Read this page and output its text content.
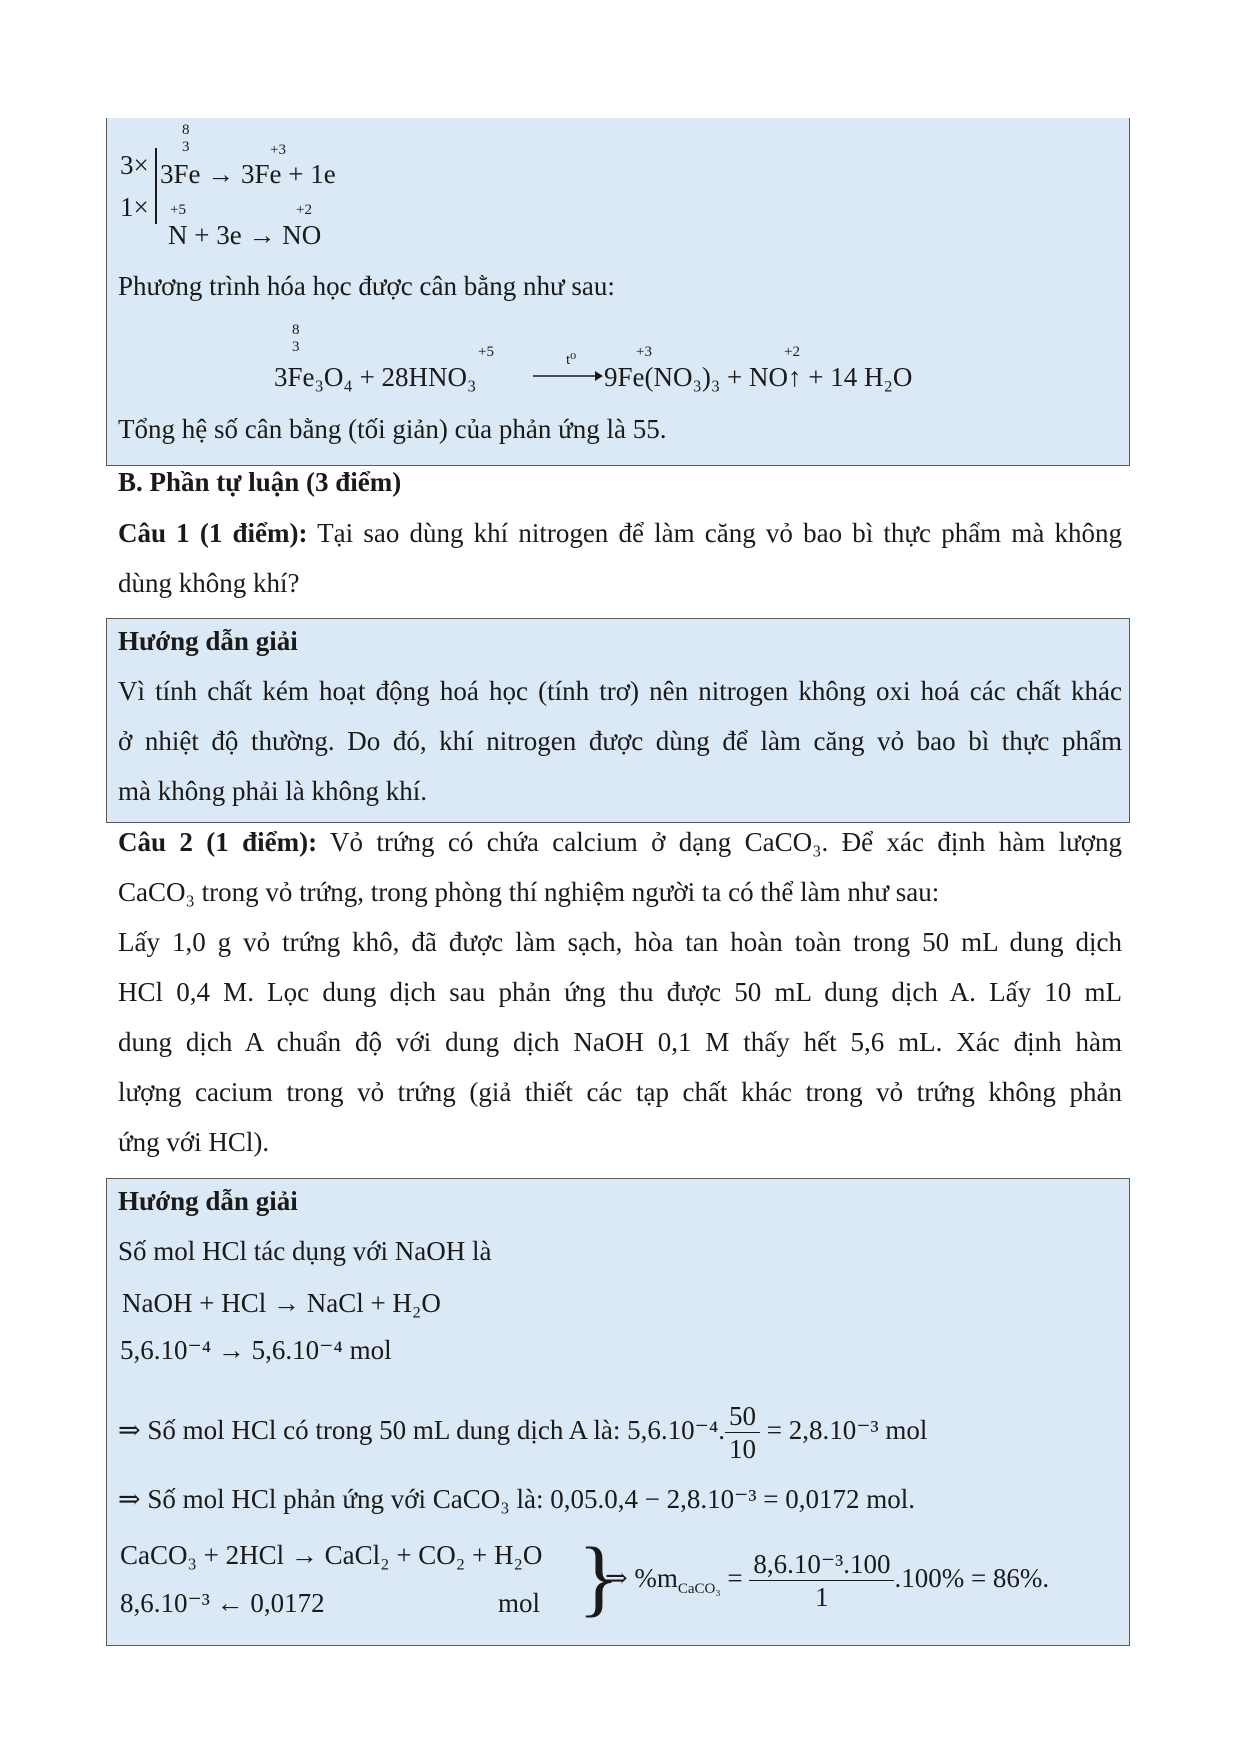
3×
1×
8
3	+3
3Fe → 3Fe + 1e
+5	+2
N + 3e → NO
Phương trình hóa học được cân bằng như sau:
8
3	+5	t⁰	+3	+2
3Fe₃O₄ + 28HNO₃	9Fe(NO₃)₃ + NO↑ + 14 H₂O
Tổng hệ số cân bằng (tối giản) của phản ứng là 55.
B. Phần tự luận (3 điểm)
Câu 1 (1 điểm): Tại sao dùng khí nitrogen để làm căng vỏ bao bì thực phẩm mà không
dùng không khí?
Hướng dẫn giải
Vì tính chất kém hoạt động hoá học (tính trơ) nên nitrogen không oxi hoá các chất khác
ở nhiệt độ thường. Do đó, khí nitrogen được dùng để làm căng vỏ bao bì thực phẩm
mà không phải là không khí.
Câu 2 (1 điểm): Vỏ trứng có chứa calcium ở dạng CaCO₃. Để xác định hàm lượng
CaCO₃ trong vỏ trứng, trong phòng thí nghiệm người ta có thể làm như sau:
Lấy 1,0 g vỏ trứng khô, đã được làm sạch, hòa tan hoàn toàn trong 50 mL dung dịch
HCl 0,4 M. Lọc dung dịch sau phản ứng thu được 50 mL dung dịch A. Lấy 10 mL
dung dịch A chuẩn độ với dung dịch NaOH 0,1 M thấy hết 5,6 mL. Xác định hàm
lượng cacium trong vỏ trứng (giả thiết các tạp chất khác trong vỏ trứng không phản
ứng với HCl).
Hướng dẫn giải
Số mol HCl tác dụng với NaOH là
NaOH + HCl → NaCl + H₂O
5,6.10⁻⁴ → 5,6.10⁻⁴ mol
⇒ Số mol HCl có trong 50 mL dung dịch A là: 5,6.10⁻⁴. $\frac{50}{10} = 2,8.10^{-3}$ mol
⇒ Số mol HCl phản ứng với CaCO₃ là: 0,05.0,4 − 2,8.10⁻³ = 0,0172 mol.
CaCO₃ + 2HCl → CaCl₂ + CO₂ + H₂O
8,6.10⁻³ ← 0,0172	mol }
⇒ $\%m_{CaCO_3} = \frac{\text{8,6.10⁻³.100}}{1} .100\% = 86\%$.
